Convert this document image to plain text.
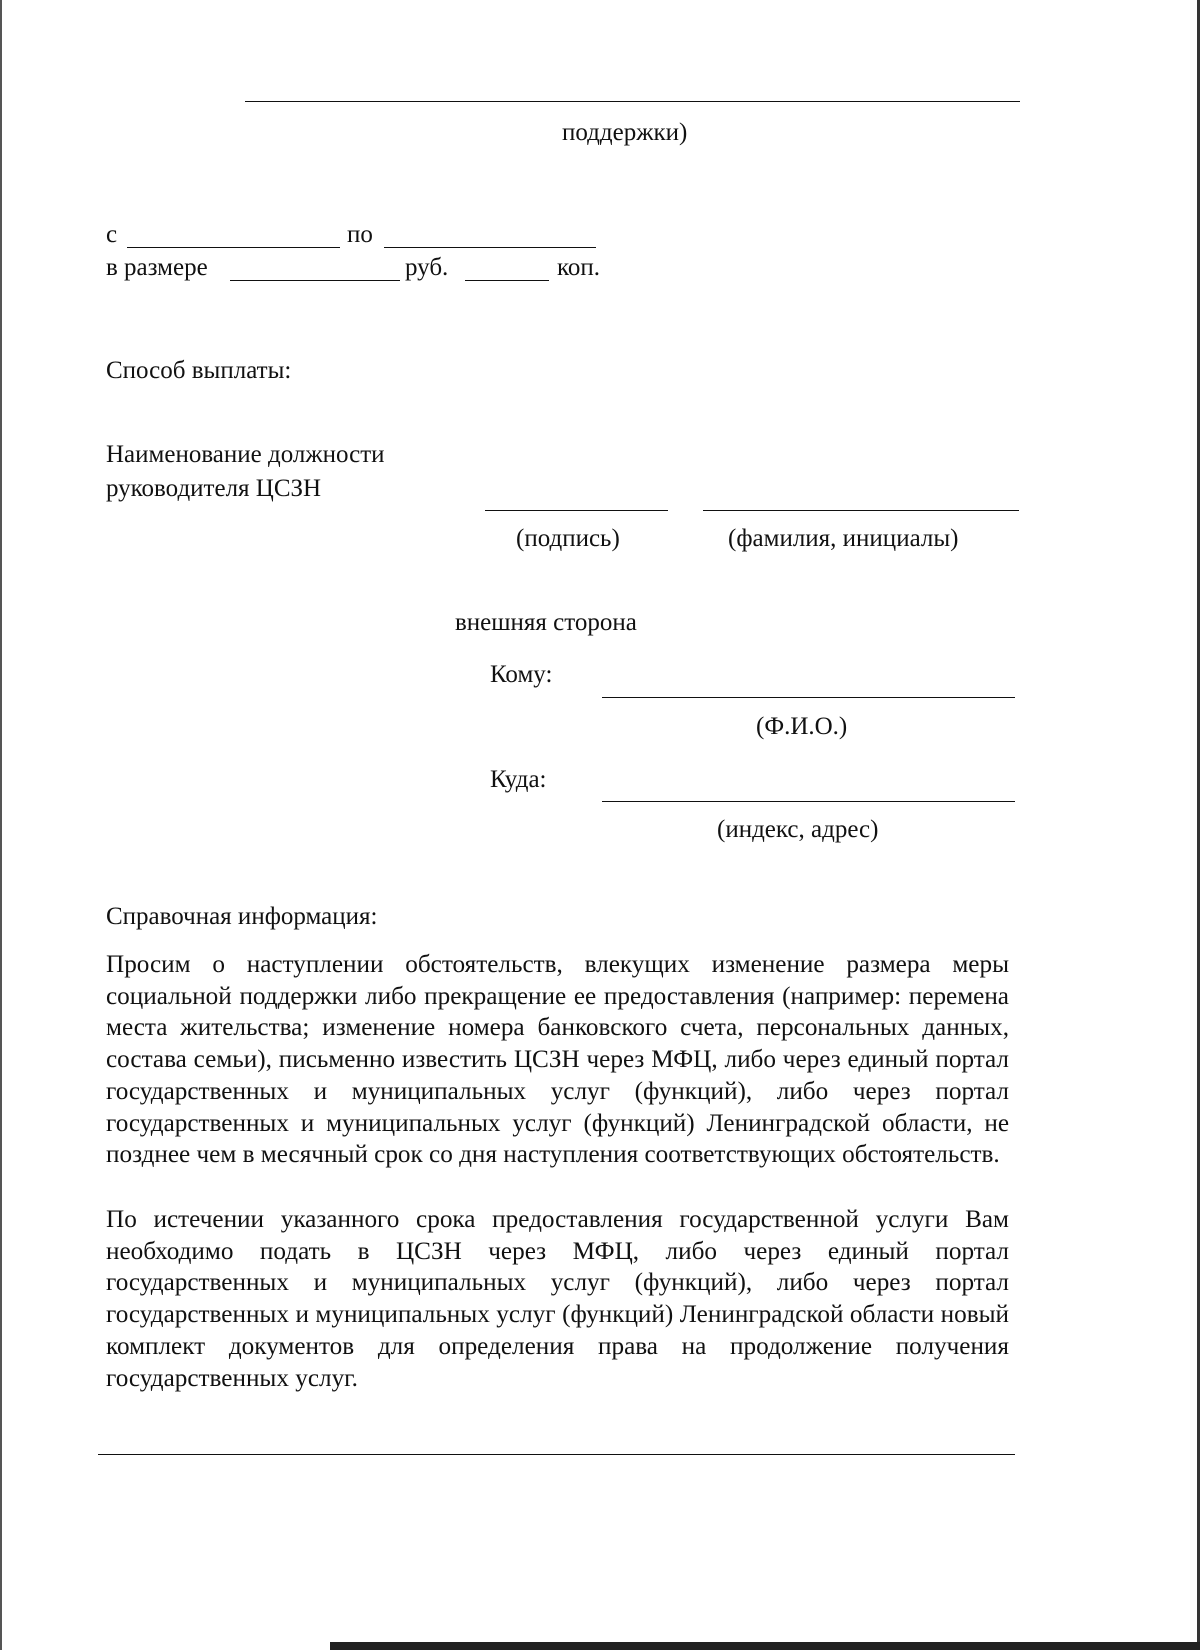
поддержки)
с	по
в размере	руб.	коп.
Способ выплаты:
Наименование должности
руководителя ЦСЗН
(подпись)	(фамилия, инициалы)
внешняя сторона
Кому:
(Ф.И.О.)
Куда:
(индекс, адрес)
Справочная информация:
Просим о наступлении обстоятельств, влекущих изменение размера меры социальной поддержки либо прекращение ее предоставления (например: перемена места жительства; изменение номера банковского счета, персональных данных, состава семьи), письменно известить ЦСЗН через МФЦ, либо через единый портал государственных и муниципальных услуг (функций), либо через портал государственных и муниципальных услуг (функций) Ленинградской области, не позднее чем в месячный срок со дня наступления соответствующих обстоятельств.
По истечении указанного срока предоставления государственной услуги Вам необходимо подать в ЦСЗН через МФЦ, либо через единый портал государственных и муниципальных услуг (функций), либо через портал государственных и муниципальных услуг (функций) Ленинградской области новый комплект документов для определения права на продолжение получения государственных услуг.
